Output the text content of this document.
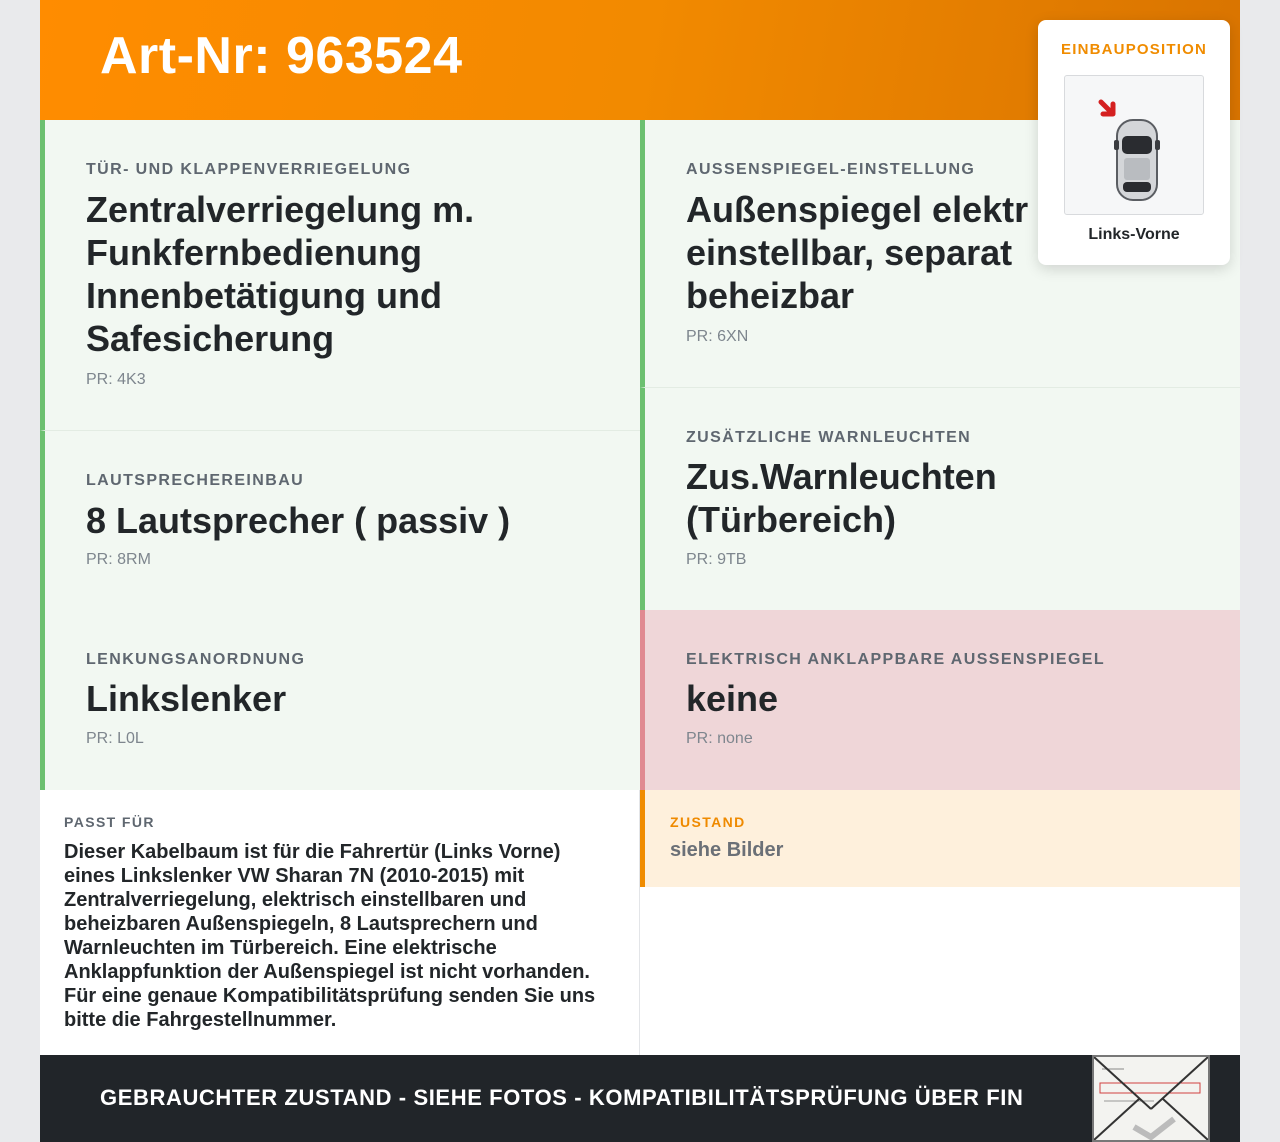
Art-Nr: 963524
TÜR- UND KLAPPENVERRIEGELUNG
Zentralverriegelung m. Funkfernbedienung Innenbetätigung und Safesicherung
PR: 4K3
AUSSENSPIEGEL-EINSTELLUNG
Außenspiegel elektr einstellbar, separat beheizbar
PR: 6XN
LAUTSPRECHEREINBAU
8 Lautsprecher ( passiv )
PR: 8RM
ZUSÄTZLICHE WARNLEUCHTEN
Zus.Warnleuchten (Türbereich)
PR: 9TB
LENKUNGSANORDNUNG
Linkslenker
PR: L0L
ELEKTRISCH ANKLAPPBARE AUSSENSPIEGEL
keine
PR: none
PASST FÜR
Dieser Kabelbaum ist für die Fahrertür (Links Vorne) eines Linkslenker VW Sharan 7N (2010-2015) mit Zentralverriegelung, elektrisch einstellbaren und beheizbaren Außenspiegeln, 8 Lautsprechern und Warnleuchten im Türbereich. Eine elektrische Anklappfunktion der Außenspiegel ist nicht vorhanden. Für eine genaue Kompatibilitätsprüfung senden Sie uns bitte die Fahrgestellnummer.
ZUSTAND
siehe Bilder
GEBRAUCHTER ZUSTAND - SIEHE FOTOS - KOMPATIBILITÄTSPRÜFUNG ÜBER FIN
EINBAUPOSITION
Links-Vorne
